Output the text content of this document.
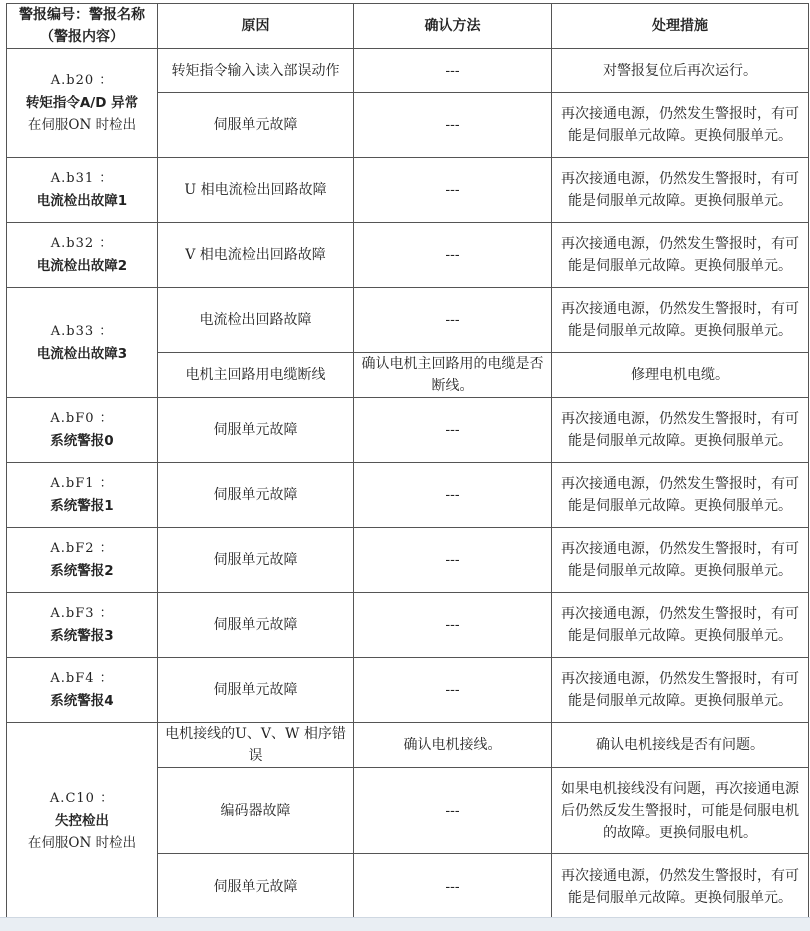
警报编号：警报名称（警报内容）	原因	确认方法	处理措施

A.b20 ：
转矩指令A/D 异常
在伺服ON 时检出	转矩指令输入读入部误动作	---	对警报复位后再次运行。
	伺服单元故障	---	再次接通电源，仍然发生警报时，有可能是伺服单元故障。更换伺服单元。

A.b31 ：
电流检出故障1	U 相电流检出回路故障	---	再次接通电源，仍然发生警报时，有可能是伺服单元故障。更换伺服单元。

A.b32 ：
电流检出故障2	V 相电流检出回路故障	---	再次接通电源，仍然发生警报时，有可能是伺服单元故障。更换伺服单元。

A.b33 ：
电流检出故障3	电流检出回路故障	---	再次接通电源，仍然发生警报时，有可能是伺服单元故障。更换伺服单元。
	电机主回路用电缆断线	确认电机主回路用的电缆是否断线。	修理电机电缆。

A.bF0 ：
系统警报0	伺服单元故障	---	再次接通电源，仍然发生警报时，有可能是伺服单元故障。更换伺服单元。

A.bF1 ：
系统警报1	伺服单元故障	---	再次接通电源，仍然发生警报时，有可能是伺服单元故障。更换伺服单元。

A.bF2 ：
系统警报2	伺服单元故障	---	再次接通电源，仍然发生警报时，有可能是伺服单元故障。更换伺服单元。

A.bF3 ：
系统警报3	伺服单元故障	---	再次接通电源，仍然发生警报时，有可能是伺服单元故障。更换伺服单元。

A.bF4 ：
系统警报4	伺服单元故障	---	再次接通电源，仍然发生警报时，有可能是伺服单元故障。更换伺服单元。

A.C10 ：
失控检出
在伺服ON 时检出	电机接线的U、V、W 相序错误	确认电机接线。	确认电机接线是否有问题。
	编码器故障	---	如果电机接线没有问题，再次接通电源后仍然反发生警报时，可能是伺服电机的故障。更换伺服电机。
	伺服单元故障	---	再次接通电源，仍然发生警报时，有可能是伺服单元故障。更换伺服单元。
